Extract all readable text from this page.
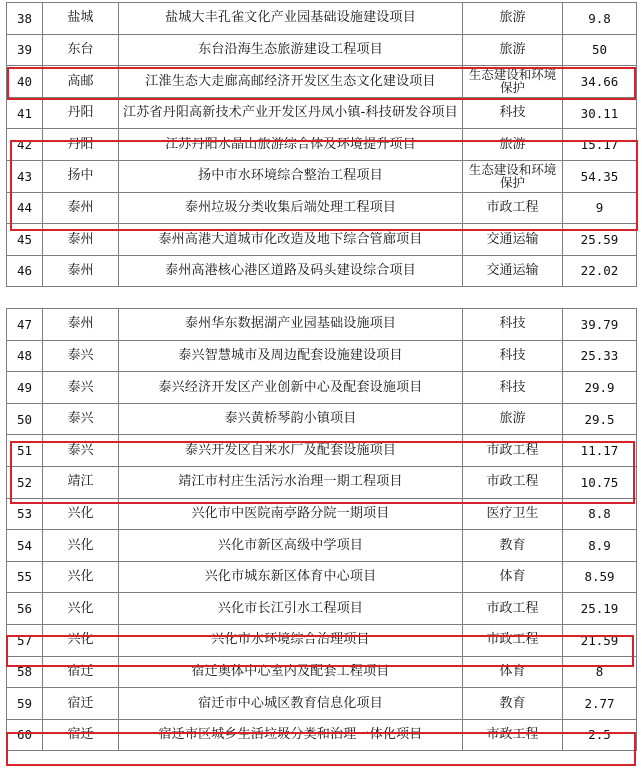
38	盐城	盐城大丰孔雀文化产业园基础设施建设项目	旅游	9.8
39	东台	东台沿海生态旅游建设工程项目	旅游	50
40	高邮	江淮生态大走廊高邮经济开发区生态文化建设项目	生态建设和环境保护	34.66
41	丹阳	江苏省丹阳高新技术产业开发区丹凤小镇-科技研发谷项目	科技	30.11
42	丹阳	江苏丹阳水晶山旅游综合体及环境提升项目	旅游	15.17
43	扬中	扬中市水环境综合整治工程项目	生态建设和环境保护	54.35
44	泰州	泰州垃圾分类收集后端处理工程项目	市政工程	9
45	泰州	泰州高港大道城市化改造及地下综合管廊项目	交通运输	25.59
46	泰州	泰州高港核心港区道路及码头建设综合项目	交通运输	22.02
47	泰州	泰州华东数据湖产业园基础设施项目	科技	39.79
48	泰兴	泰兴智慧城市及周边配套设施建设项目	科技	25.33
49	泰兴	泰兴经济开发区产业创新中心及配套设施项目	科技	29.9
50	泰兴	泰兴黄桥琴韵小镇项目	旅游	29.5
51	泰兴	泰兴开发区自来水厂及配套设施项目	市政工程	11.17
52	靖江	靖江市村庄生活污水治理一期工程项目	市政工程	10.75
53	兴化	兴化市中医院南亭路分院一期项目	医疗卫生	8.8
54	兴化	兴化市新区高级中学项目	教育	8.9
55	兴化	兴化市城东新区体育中心项目	体育	8.59
56	兴化	兴化市长江引水工程项目	市政工程	25.19
57	兴化	兴化市水环境综合治理项目	市政工程	21.59
58	宿迁	宿迁奥体中心室内及配套工程项目	体育	8
59	宿迁	宿迁市中心城区教育信息化项目	教育	2.77
60	宿迁	宿迁市区城乡生活垃圾分类和治理一体化项目	市政工程	2.5
